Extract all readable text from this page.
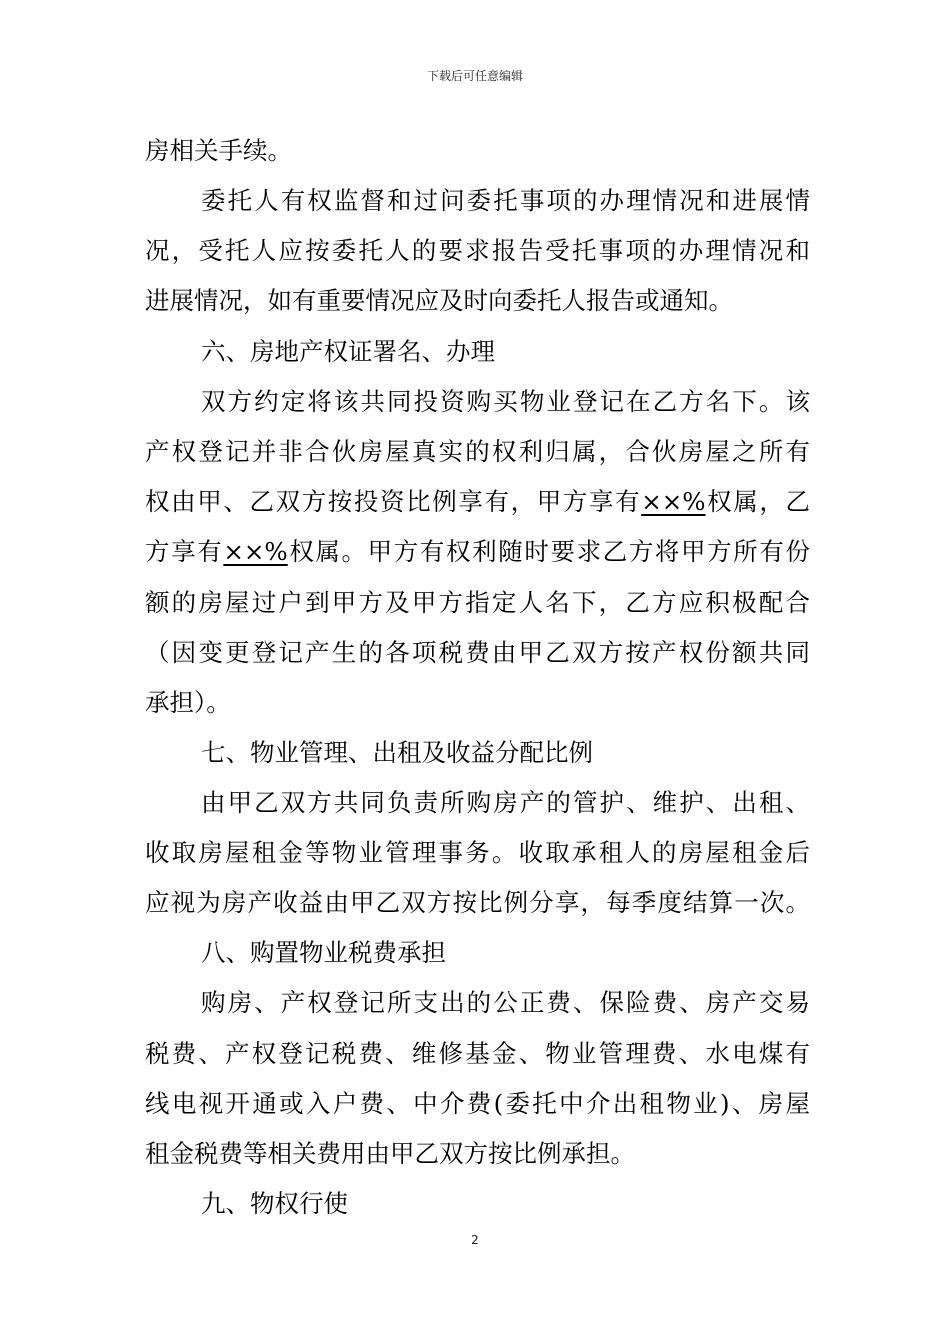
下载后可任意编辑
房相关手续。
委托人有权监督和过问委托事项的办理情况和进展情
况，受托人应按委托人的要求报告受托事项的办理情况和
进展情况，如有重要情况应及时向委托人报告或通知。
六、房地产权证署名、办理
双方约定将该共同投资购买物业登记在乙方名下。该
产权登记并非合伙房屋真实的权利归属，合伙房屋之所有
权由甲、乙双方按投资比例享有，甲方享有××%权属，乙
方享有××%权属。甲方有权利随时要求乙方将甲方所有份
额的房屋过户到甲方及甲方指定人名下，乙方应积极配合
（因变更登记产生的各项税费由甲乙双方按产权份额共同
承担）。
七、物业管理、出租及收益分配比例
由甲乙双方共同负责所购房产的管护、维护、出租、
收取房屋租金等物业管理事务。收取承租人的房屋租金后
应视为房产收益由甲乙双方按比例分享，每季度结算一次。
八、购置物业税费承担
购房、产权登记所支出的公正费、保险费、房产交易
税费、产权登记税费、维修基金、物业管理费、水电煤有
线电视开通或入户费、中介费(委托中介出租物业)、房屋
租金税费等相关费用由甲乙双方按比例承担。
九、物权行使
2
